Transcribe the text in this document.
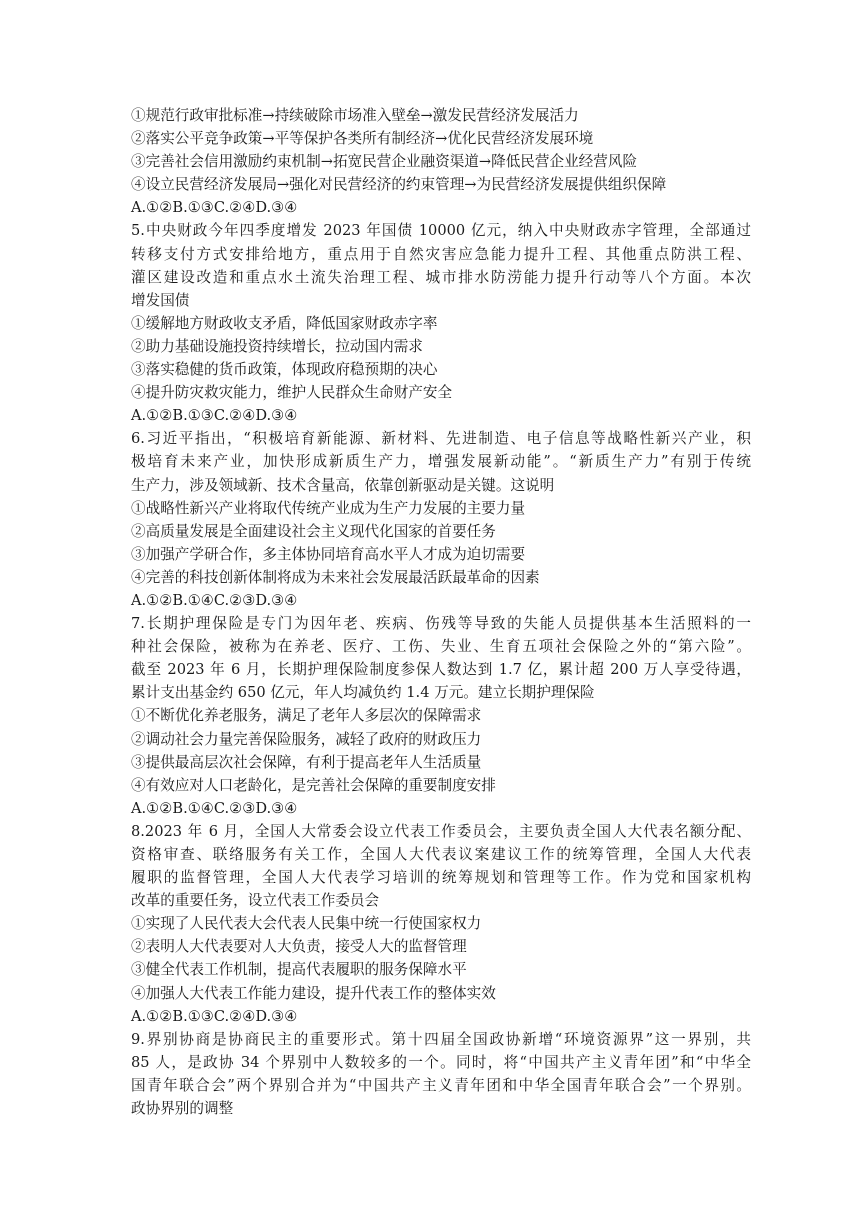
①规范行政审批标准→持续破除市场准入壁垒→激发民营经济发展活力
②落实公平竞争政策→平等保护各类所有制经济→优化民营经济发展环境
③完善社会信用激励约束机制→拓宽民营企业融资渠道→降低民营企业经营风险
④设立民营经济发展局→强化对民营经济的约束管理→为民营经济发展提供组织保障
A.①②B.①③C.②④D.③④
5.中央财政今年四季度增发 2023 年国债 10000 亿元，纳入中央财政赤字管理，全部通过
转移支付方式安排给地方，重点用于自然灾害应急能力提升工程、其他重点防洪工程、
灌区建设改造和重点水土流失治理工程、城市排水防涝能力提升行动等八个方面。本次
增发国债
①缓解地方财政收支矛盾，降低国家财政赤字率
②助力基础设施投资持续增长，拉动国内需求
③落实稳健的货币政策，体现政府稳预期的决心
④提升防灾救灾能力，维护人民群众生命财产安全
A.①②B.①③C.②④D.③④
6.习近平指出，“积极培育新能源、新材料、先进制造、电子信息等战略性新兴产业，积
极培育未来产业，加快形成新质生产力，增强发展新动能”。“新质生产力”有别于传统
生产力，涉及领域新、技术含量高，依靠创新驱动是关键。这说明
①战略性新兴产业将取代传统产业成为生产力发展的主要力量
②高质量发展是全面建设社会主义现代化国家的首要任务
③加强产学研合作，多主体协同培育高水平人才成为迫切需要
④完善的科技创新体制将成为未来社会发展最活跃最革命的因素
A.①②B.①④C.②③D.③④
7.长期护理保险是专门为因年老、疾病、伤残等导致的失能人员提供基本生活照料的一
种社会保险，被称为在养老、医疗、工伤、失业、生育五项社会保险之外的“第六险”。
截至 2023 年 6 月，长期护理保险制度参保人数达到 1.7 亿，累计超 200 万人享受待遇，
累计支出基金约 650 亿元，年人均减负约 1.4 万元。建立长期护理保险
①不断优化养老服务，满足了老年人多层次的保障需求
②调动社会力量完善保险服务，减轻了政府的财政压力
③提供最高层次社会保障，有利于提高老年人生活质量
④有效应对人口老龄化，是完善社会保障的重要制度安排
A.①②B.①④C.②③D.③④
8.2023 年 6 月，全国人大常委会设立代表工作委员会，主要负责全国人大代表名额分配、
资格审查、联络服务有关工作，全国人大代表议案建议工作的统筹管理，全国人大代表
履职的监督管理，全国人大代表学习培训的统筹规划和管理等工作。作为党和国家机构
改革的重要任务，设立代表工作委员会
①实现了人民代表大会代表人民集中统一行使国家权力
②表明人大代表要对人大负责，接受人大的监督管理
③健全代表工作机制，提高代表履职的服务保障水平
④加强人大代表工作能力建设，提升代表工作的整体实效
A.①②B.①③C.②④D.③④
9.界别协商是协商民主的重要形式。第十四届全国政协新增“环境资源界”这一界别，共
85 人，是政协 34 个界别中人数较多的一个。同时，将“中国共产主义青年团”和“中华全
国青年联合会”两个界别合并为“中国共产主义青年团和中华全国青年联合会”一个界别。
政协界别的调整
